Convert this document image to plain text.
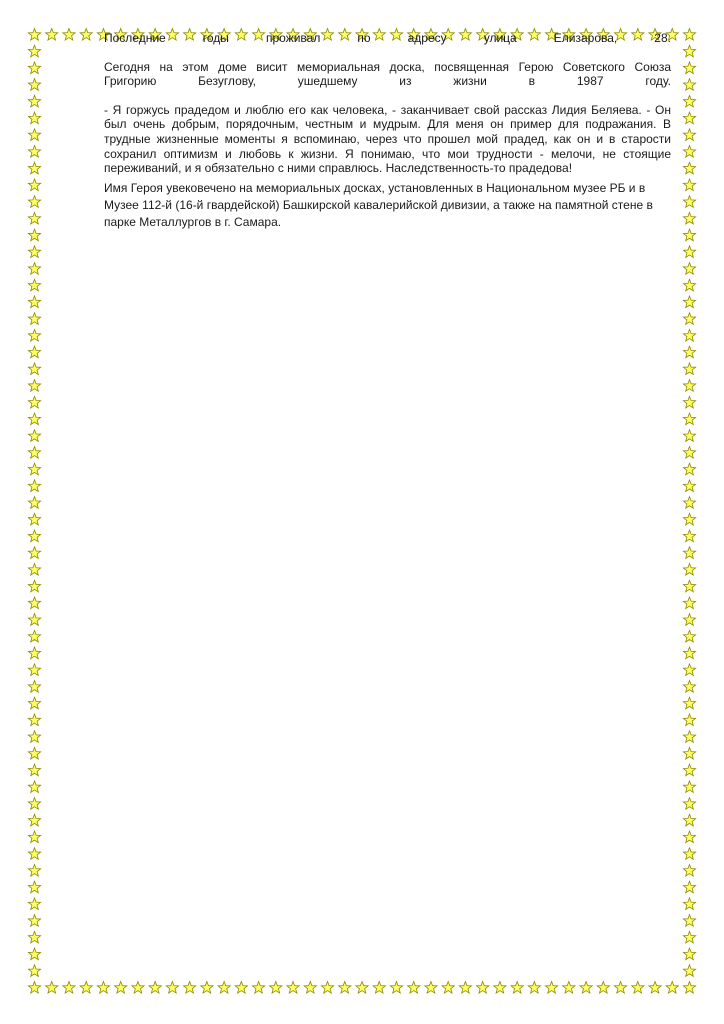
Последние годы проживал по адресу улица Елизарова, 28.

Сегодня на этом доме висит мемориальная доска, посвященная Герою Советского Союза

Григорию Безуглову, ушедшему из жизни в 1987 году.

- Я горжусь прадедом и люблю его как человека, - заканчивает свой рассказ Лидия Беляева. - Он был очень добрым, порядочным, честным и мудрым. Для меня он пример для подражания. В трудные жизненные моменты я вспоминаю, через что прошел мой прадед, как он и в старости сохранил оптимизм и любовь к жизни. Я понимаю, что мои трудности - мелочи, не стоящие переживаний, и я обязательно с ними справлюсь. Наследственность-то прадедова!

Имя Героя увековечено на мемориальных досках, установленных в Национальном музее РБ и в Музее 112-й (16-й гвардейской) Башкирской кавалерийской дивизии, а также на памятной стене в парке Металлургов в г. Самара.
